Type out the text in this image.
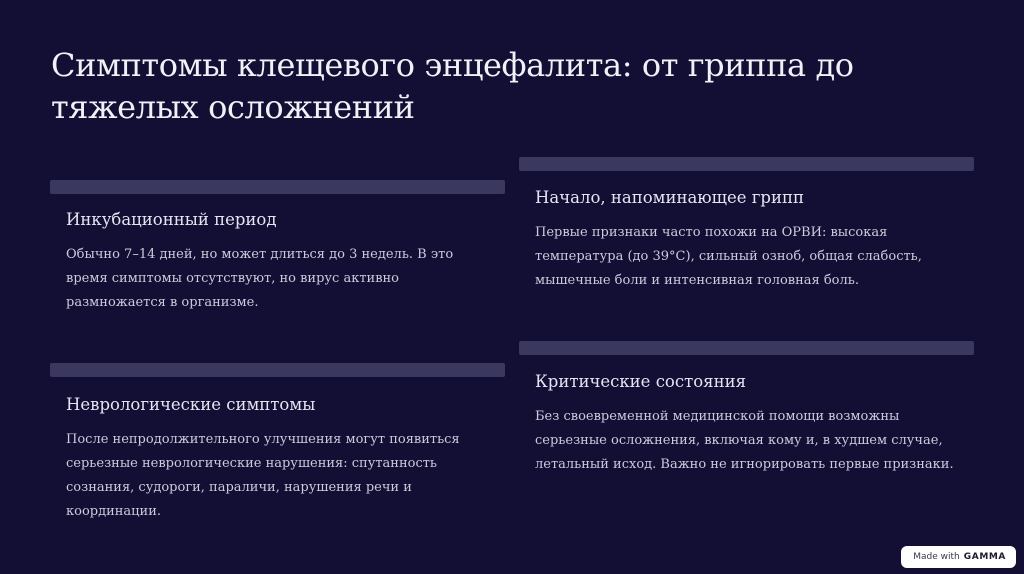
Симптомы клещевого энцефалита: от гриппа до тяжелых осложнений
Инкубационный период

Обычно 7–14 дней, но может длиться до 3 недель. В это время симптомы отсутствуют, но вирус активно размножается в организме.

Начало, напоминающее грипп

Первые признаки часто похожи на ОРВИ: высокая температура (до 39°С), сильный озноб, общая слабость, мышечные боли и интенсивная головная боль.

Неврологические симптомы

После непродолжительного улучшения могут появиться серьезные неврологические нарушения: спутанность сознания, судороги, параличи, нарушения речи и координации.

Критические состояния

Без своевременной медицинской помощи возможны серьезные осложнения, включая кому и, в худшем случае, летальный исход. Важно не игнорировать первые признаки.

Made with GAMMA
